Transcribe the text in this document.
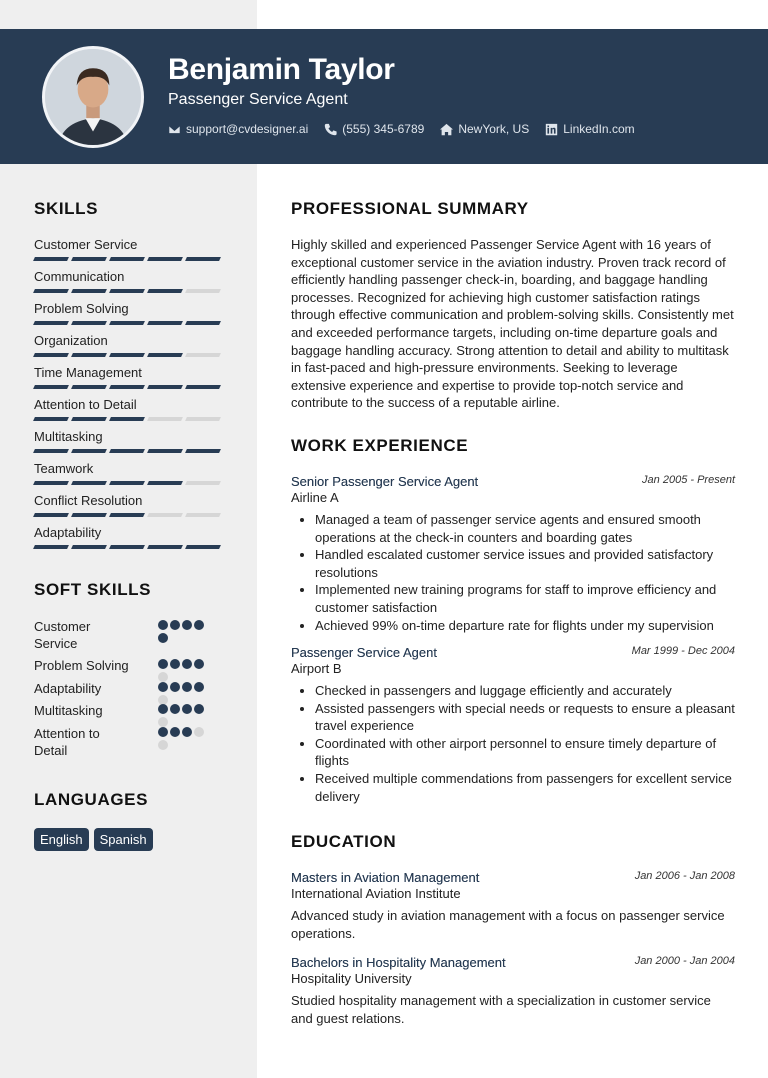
Benjamin Taylor
Passenger Service Agent
support@cvdesigner.ai	(555) 345-6789	NewYork, US	LinkedIn.com
SKILLS
Customer Service
Communication
Problem Solving
Organization
Time Management
Attention to Detail
Multitasking
Teamwork
Conflict Resolution
Adaptability
SOFT SKILLS
Customer Service
Problem Solving
Adaptability
Multitasking
Attention to Detail
LANGUAGES
English	Spanish
PROFESSIONAL SUMMARY
Highly skilled and experienced Passenger Service Agent with 16 years of exceptional customer service in the aviation industry. Proven track record of efficiently handling passenger check-in, boarding, and baggage handling processes. Recognized for achieving high customer satisfaction ratings through effective communication and problem-solving skills. Consistently met and exceeded performance targets, including on-time departure goals and baggage handling accuracy. Strong attention to detail and ability to multitask in fast-paced and high-pressure environments. Seeking to leverage extensive experience and expertise to provide top-notch service and contribute to the success of a reputable airline.
WORK EXPERIENCE
Senior Passenger Service Agent	Jan 2005 - Present
Airline A
• Managed a team of passenger service agents and ensured smooth operations at the check-in counters and boarding gates
• Handled escalated customer service issues and provided satisfactory resolutions
• Implemented new training programs for staff to improve efficiency and customer satisfaction
• Achieved 99% on-time departure rate for flights under my supervision
Passenger Service Agent	Mar 1999 - Dec 2004
Airport B
• Checked in passengers and luggage efficiently and accurately
• Assisted passengers with special needs or requests to ensure a pleasant travel experience
• Coordinated with other airport personnel to ensure timely departure of flights
• Received multiple commendations from passengers for excellent service delivery
EDUCATION
Masters in Aviation Management	Jan 2006 - Jan 2008
International Aviation Institute
Advanced study in aviation management with a focus on passenger service operations.
Bachelors in Hospitality Management	Jan 2000 - Jan 2004
Hospitality University
Studied hospitality management with a specialization in customer service and guest relations.
